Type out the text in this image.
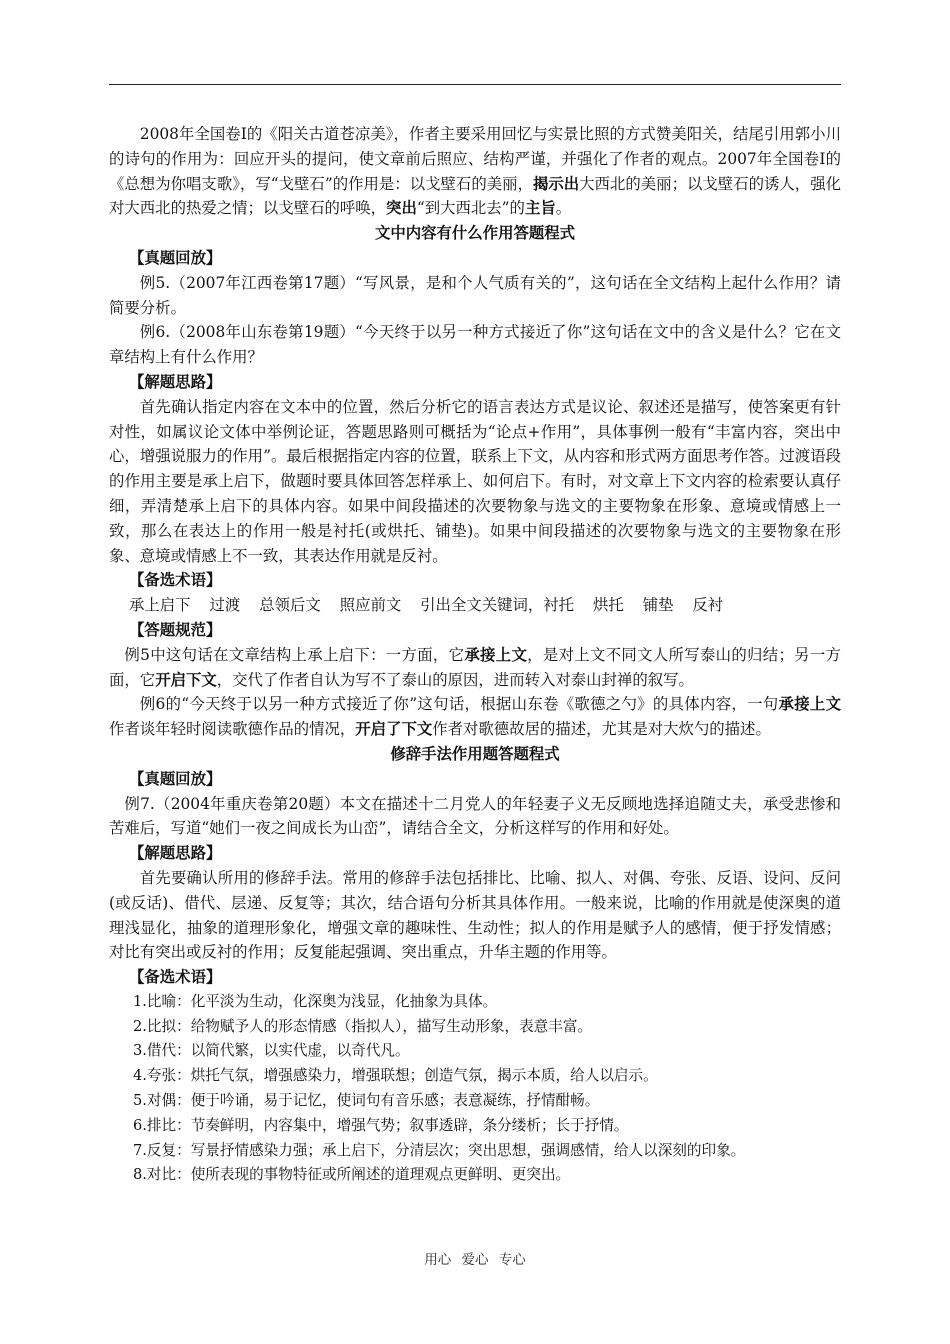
2008年全国卷Ⅰ的《阳关古道苍凉美》，作者主要采用回忆与实景比照的方式赞美阳关，结尾引用郭小川的诗句的作用为：回应开头的提问，使文章前后照应、结构严谨，并强化了作者的观点。2007年全国卷Ⅰ的《总想为你唱支歌》，写“戈壁石”的作用是：以戈壁石的美丽，揭示出大西北的美丽；以戈壁石的诱人，强化对大西北的热爱之情；以戈壁石的呼唤，突出“到大西北去”的主旨。

文中内容有什么作用答题程式

【真题回放】

例5.（2007年江西卷第17题）“写风景，是和个人气质有关的”，这句话在全文结构上起什么作用？请简要分析。

例6.（2008年山东卷第19题）“今天终于以另一种方式接近了你”这句话在文中的含义是什么？它在文章结构上有什么作用？

【解题思路】

首先确认指定内容在文本中的位置，然后分析它的语言表达方式是议论、叙述还是描写，使答案更有针对性，如属议论文体中举例论证，答题思路则可概括为“论点+作用”，具体事例一般有“丰富内容，突出中心，增强说服力的作用”。最后根据指定内容的位置，联系上下文，从内容和形式两方面思考作答。过渡语段的作用主要是承上启下，做题时要具体回答怎样承上、如何启下。有时，对文章上下文内容的检索要认真仔细，弄清楚承上启下的具体内容。如果中间段描述的次要物象与选文的主要物象在形象、意境或情感上一致，那么在表达上的作用一般是衬托(或烘托、铺垫)。如果中间段描述的次要物象与选文的主要物象在形象、意境或情感上不一致，其表达作用就是反衬。

【备选术语】

承上启下 过渡 总领后文 照应前文 引出全文关键词，衬托 烘托 铺垫 反衬

【答题规范】

例5中这句话在文章结构上承上启下：一方面，它承接上文，是对上文不同文人所写泰山的归结；另一方面，它开启下文，交代了作者自认为写不了泰山的原因，进而转入对泰山封禅的叙写。

例6的“今天终于以另一种方式接近了你”这句话，根据山东卷《歌德之勺》的具体内容，一句承接上文作者谈年轻时阅读歌德作品的情况，开启了下文作者对歌德故居的描述，尤其是对大炊勺的描述。

修辞手法作用题答题程式

【真题回放】

例7.（2004年重庆卷第20题）本文在描述十二月党人的年轻妻子义无反顾地选择追随丈夫，承受悲惨和苦难后，写道“她们一夜之间成长为山峦”，请结合全文，分析这样写的作用和好处。

【解题思路】

首先要确认所用的修辞手法。常用的修辞手法包括排比、比喻、拟人、对偶、夸张、反语、设问、反问(或反话)、借代、层递、反复等；其次，结合语句分析其具体作用。一般来说，比喻的作用就是使深奥的道理浅显化，抽象的道理形象化，增强文章的趣味性、生动性；拟人的作用是赋予人的感情，便于抒发情感；对比有突出或反衬的作用；反复能起强调、突出重点，升华主题的作用等。

【备选术语】

1.比喻：化平淡为生动，化深奥为浅显，化抽象为具体。

2.比拟：给物赋予人的形态情感（指拟人），描写生动形象，表意丰富。

3.借代：以简代繁，以实代虚，以奇代凡。

4.夸张：烘托气氛，增强感染力，增强联想；创造气氛，揭示本质，给人以启示。

5.对偶：便于吟诵，易于记忆，使词句有音乐感；表意凝练，抒情酣畅。

6.排比：节奏鲜明，内容集中，增强气势；叙事透辟，条分缕析；长于抒情。

7.反复：写景抒情感染力强；承上启下，分清层次；突出思想，强调感情，给人以深刻的印象。

8.对比：使所表现的事物特征或所阐述的道理观点更鲜明、更突出。

用心 爱心 专心
